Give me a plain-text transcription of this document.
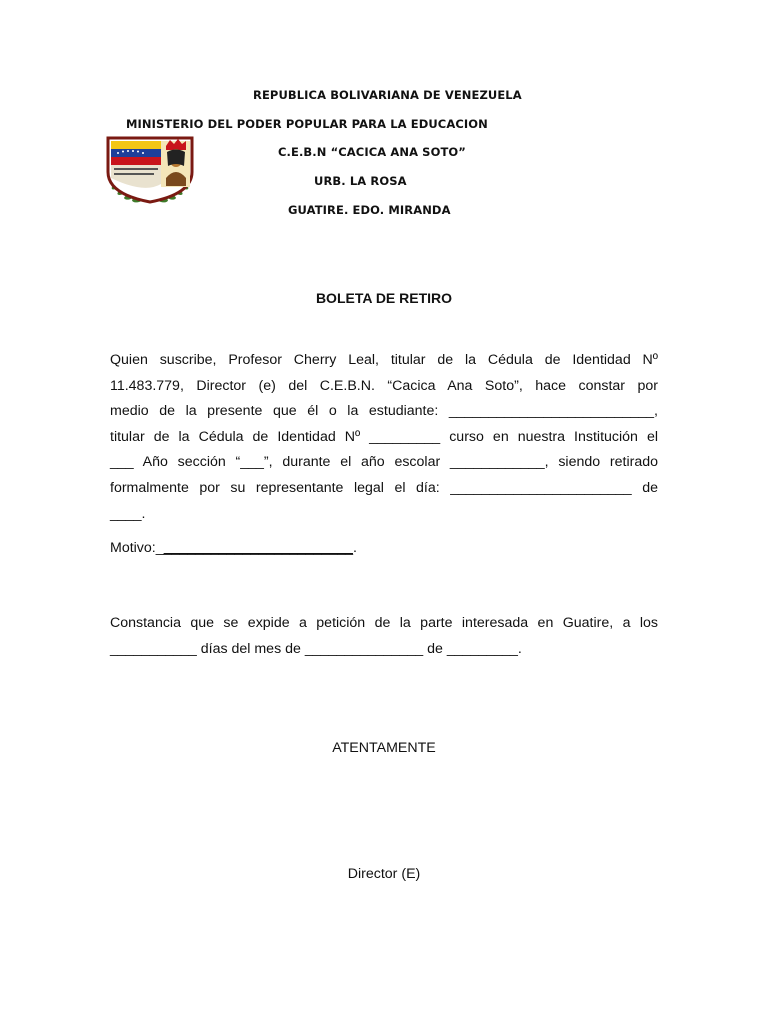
REPUBLICA BOLIVARIANA DE VENEZUELA
MINISTERIO DEL PODER POPULAR PARA LA EDUCACION
C.E.B.N “CACICA ANA SOTO”
URB. LA ROSA
GUATIRE. EDO. MIRANDA
BOLETA DE RETIRO
Quien suscribe, Profesor Cherry Leal, titular de la Cédula de Identidad Nº
11.483.779, Director (e) del C.E.B.N. “Cacica Ana Soto”, hace constar por
medio de la presente que él o la estudiante: __________________________,
titular de la Cédula de Identidad Nº _________ curso en nuestra Institución el
___ Año sección “___”, durante el año escolar ____________, siendo retirado
formalmente por su representante legal el día: _______________________ de
____.
Motivo:_________________________.
Constancia que se expide a petición de la parte interesada en Guatire, a los
___________ días del mes de _______________ de _________.
ATENTAMENTE
Director (E)
